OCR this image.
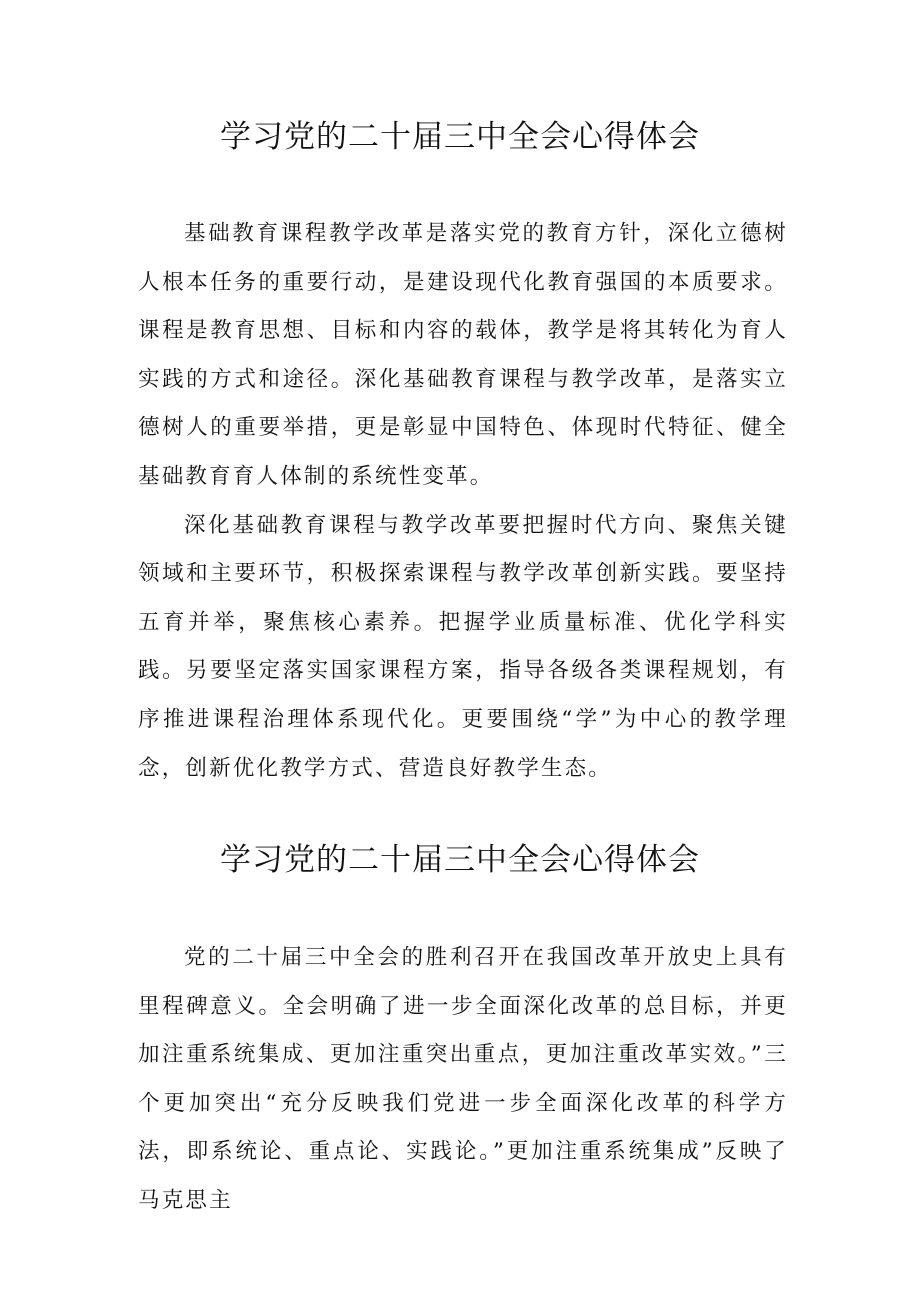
学习党的二十届三中全会心得体会

基础教育课程教学改革是落实党的教育方针，深化立德树人根本任务的重要行动，是建设现代化教育强国的本质要求。课程是教育思想、目标和内容的载体，教学是将其转化为育人实践的方式和途径。深化基础教育课程与教学改革，是落实立德树人的重要举措，更是彰显中国特色、体现时代特征、健全基础教育育人体制的系统性变革。

深化基础教育课程与教学改革要把握时代方向、聚焦关键领域和主要环节，积极探索课程与教学改革创新实践。要坚持五育并举，聚焦核心素养。把握学业质量标准、优化学科实践。另要坚定落实国家课程方案，指导各级各类课程规划，有序推进课程治理体系现代化。更要围绕“学”为中心的教学理念，创新优化教学方式、营造良好教学生态。

学习党的二十届三中全会心得体会

党的二十届三中全会的胜利召开在我国改革开放史上具有里程碑意义。全会明确了进一步全面深化改革的总目标，并更加注重系统集成、更加注重突出重点，更加注重改革实效。”三个更加突出“充分反映我们党进一步全面深化改革的科学方法，即系统论、重点论、实践论。”更加注重系统集成”反映了马克思主
